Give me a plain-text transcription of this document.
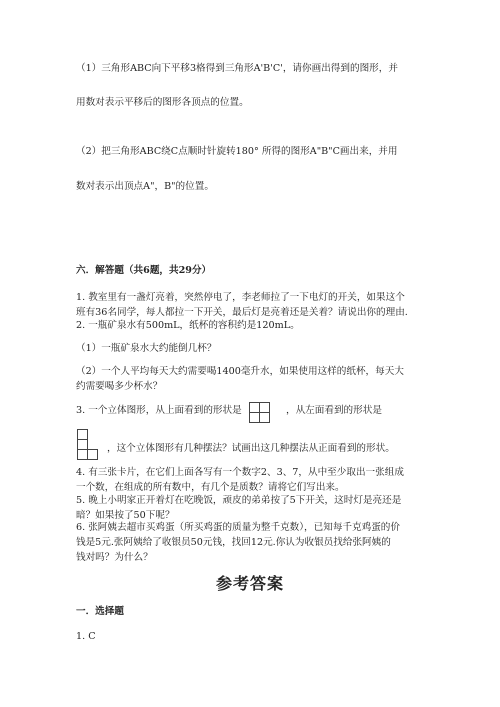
（1）三角形ABC向下平移3格得到三角形A'B'C'，请你画出得到的图形，并
用数对表示平移后的图形各顶点的位置。
（2）把三角形ABC绕C点顺时针旋转180° 所得的图形A"B"C画出来，并用
数对表示出顶点A"，B"的位置。
六．解答题（共6题，共29分）
1. 教室里有一盏灯亮着，突然停电了，李老师拉了一下电灯的开关，如果这个
班有36名同学，每人都拉一下开关，最后灯是亮着还是关着？请说出你的理由.
2. 一瓶矿泉水有500mL，纸杯的容积约是120mL。
（1）一瓶矿泉水大约能倒几杯？
（2）一个人平均每天大约需要喝1400毫升水，如果使用这样的纸杯，每天大
约需要喝多少杯水？
3. 一个立体图形，从上面看到的形状是	，从左面看到的形状是
，这个立体图形有几种摆法？试画出这几种摆法从正面看到的形状。
4. 有三张卡片，在它们上面各写有一个数字2、3、7，从中至少取出一张组成
一个数，在组成的所有数中，有几个是质数？请将它们写出来。
5. 晚上小明家正开着灯在吃晚饭，顽皮的弟弟按了5下开关，这时灯是亮还是
暗？如果按了50下呢？
6. 张阿姨去超市买鸡蛋（所买鸡蛋的质量为整千克数），已知每千克鸡蛋的价
钱是5元.张阿姨给了收银员50元钱，找回12元.你认为收银员找给张阿姨的
钱对吗？为什么？
参考答案
一．选择题
1. C
